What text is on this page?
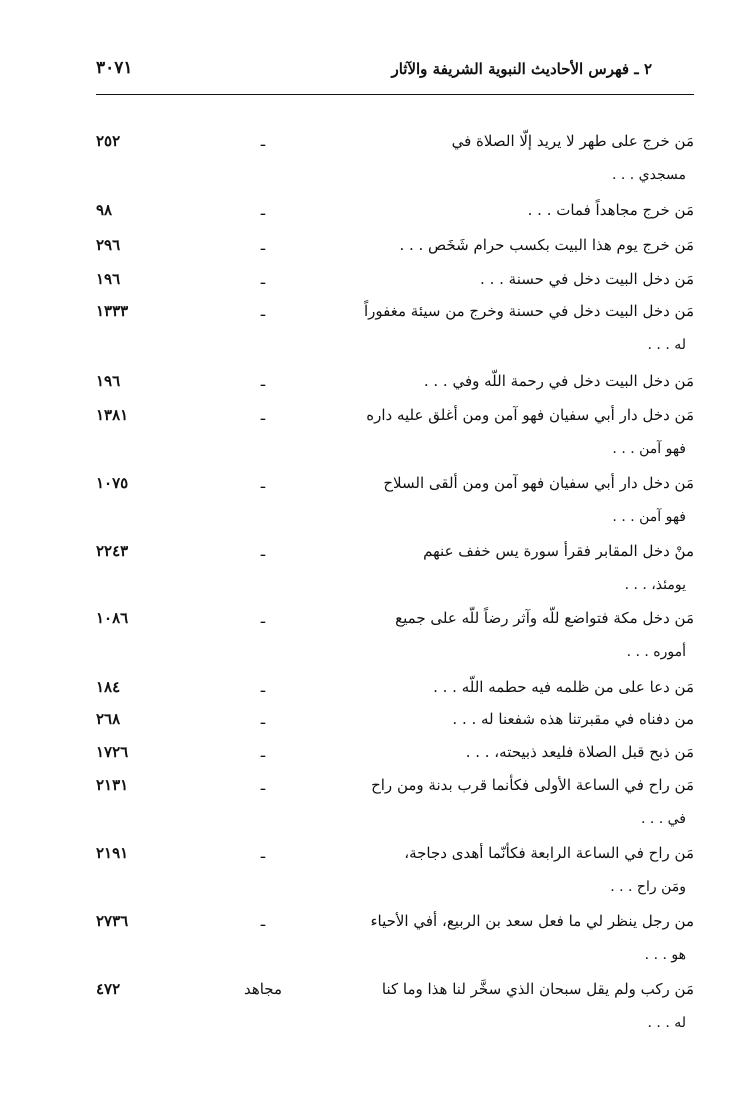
٢ ـ فهرس الأحاديث النبوية الشريفة والآثار
٣٠٧١
مَن خرج على طهر لا يريد إلّا الصلاة في
مسجدي . . .
ـ
٢٥٢
مَن خرج مجاهداً فمات . . .
ـ
٩٨
مَن خرج يوم هذا البيت بكسب حرام شَخَص . . .
ـ
٢٩٦
مَن دخل البيت دخل في حسنة . . .
ـ
١٩٦
مَن دخل البيت دخل في حسنة وخرج من سيئة مغفوراً
له . . .
ـ
١٣٣٣
مَن دخل البيت دخل في رحمة اللّه وفي . . .
ـ
١٩٦
مَن دخل دار أبي سفيان فهو آمن ومن أغلق عليه داره
فهو آمن . . .
ـ
١٣٨١
مَن دخل دار أبي سفيان فهو آمن ومن ألقى السلاح
فهو آمن . . .
ـ
١٠٧٥
منْ دخل المقابر فقرأ سورة يس خفف عنهم
يومئذ، . . .
ـ
٢٢٤٣
مَن دخل مكة فتواضع للّه وآثر رضاً للّه على جميع
أموره . . .
ـ
١٠٨٦
مَن دعا على من ظلمه فيه حطمه اللّه . . .
ـ
١٨٤
من دفناه في مقبرتنا هذه شفعنا له . . .
ـ
٢٦٨
مَن ذبح قبل الصلاة فليعد ذبيحته، . . .
ـ
١٧٢٦
مَن راح في الساعة الأولى فكأنما قرب بدنة ومن راح
في . . .
ـ
٢١٣١
مَن راح في الساعة الرابعة فكأنّما أهدى دجاجة،
ومَن راح . . .
ـ
٢١٩١
من رجل ينظر لي ما فعل سعد بن الربيع، أفي الأحياء
هو . . .
ـ
٢٧٣٦
مَن ركب ولم يقل سبحان الذي سخَّر لنا هذا وما كنا
له . . .
مجاهد
٤٧٢
